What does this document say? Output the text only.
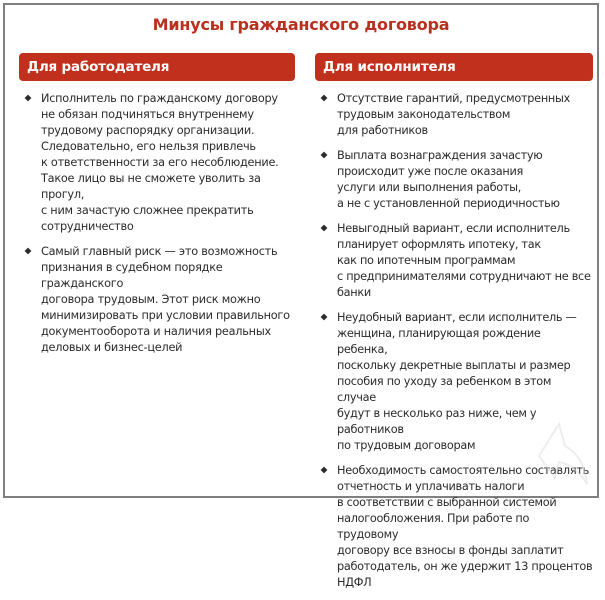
Минусы гражданского договора
Для работодателя
Исполнитель по гражданскому договору
не обязан подчиняться внутреннему
трудовому распорядку организации.
Следовательно, его нельзя привлечь
к ответственности за его несоблюдение.
Такое лицо вы не сможете уволить за прогул,
с ним зачастую сложнее прекратить
сотрудничество
Самый главный риск — это возможность
признания в судебном порядке гражданского
договора трудовым. Этот риск можно
минимизировать при условии правильного
документооборота и наличия реальных
деловых и бизнес-целей
Для исполнителя
Отсутствие гарантий, предусмотренных
трудовым законодательством
для работников
Выплата вознаграждения зачастую
происходит уже после оказания
услуги или выполнения работы,
а не с установленной периодичностью
Невыгодный вариант, если исполнитель
планирует оформлять ипотеку, так
как по ипотечным программам
с предпринимателями сотрудничают не все
банки
Неудобный вариант, если исполнитель —
женщина, планирующая рождение ребенка,
поскольку декретные выплаты и размер
пособия по уходу за ребенком в этом случае
будут в несколько раз ниже, чем у работников
по трудовым договорам
Необходимость самостоятельно составлять
отчетность и уплачивать налоги
в соответствии с выбранной системой
налогообложения. При работе по трудовому
договору все взносы в фонды заплатит
работодатель, он же удержит 13 процентов
НДФЛ
